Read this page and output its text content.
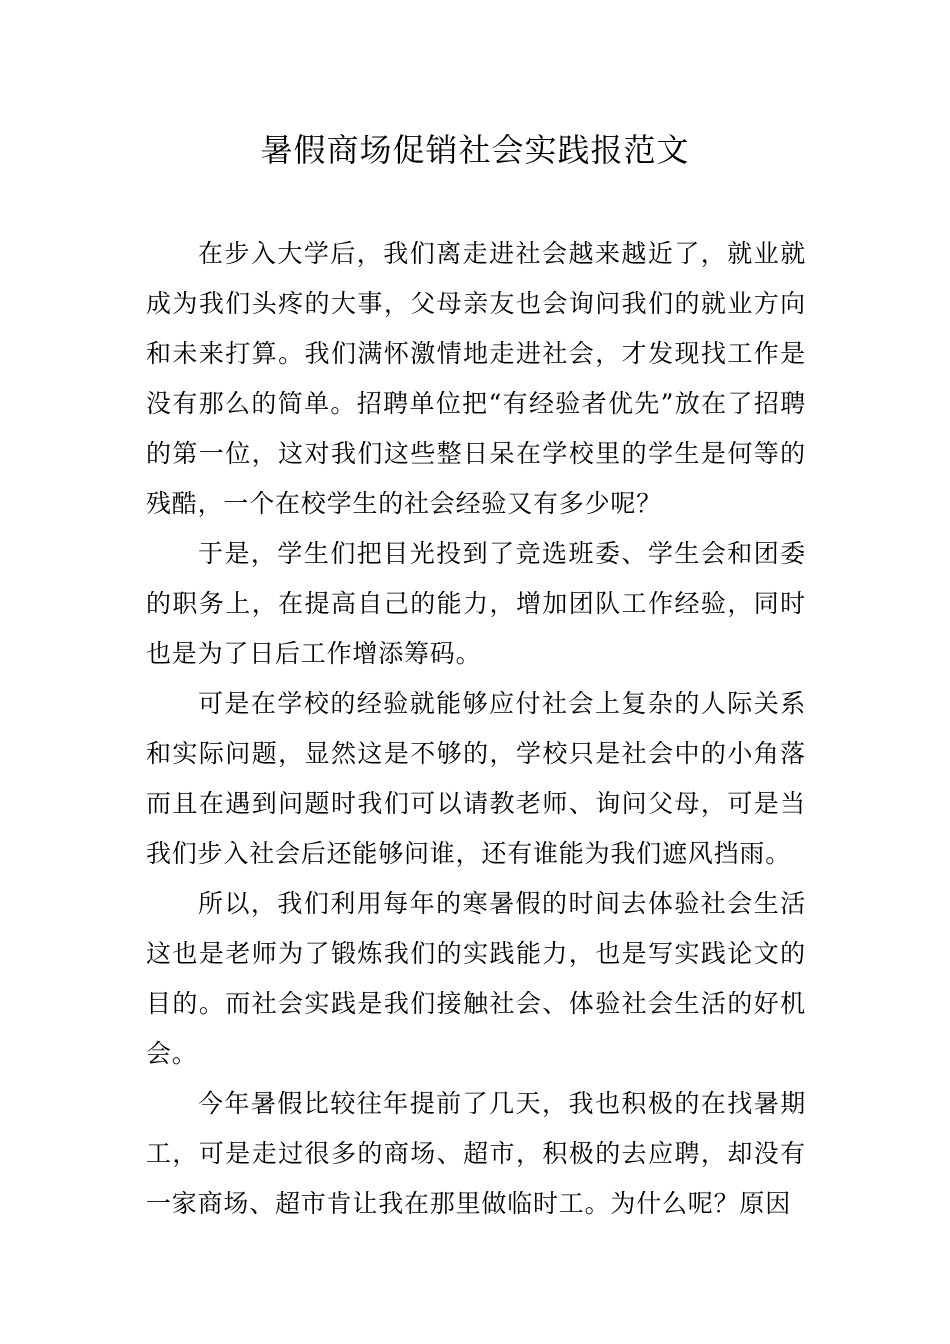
暑假商场促销社会实践报范文

在步入大学后，我们离走进社会越来越近了，就业就成为我们头疼的大事，父母亲友也会询问我们的就业方向和未来打算。我们满怀激情地走进社会，才发现找工作是没有那么的简单。招聘单位把“有经验者优先”放在了招聘的第一位，这对我们这些整日呆在学校里的学生是何等的残酷，一个在校学生的社会经验又有多少呢？

于是，学生们把目光投到了竞选班委、学生会和团委的职务上，在提高自己的能力，增加团队工作经验，同时也是为了日后工作增添筹码。

可是在学校的经验就能够应付社会上复杂的人际关系和实际问题，显然这是不够的，学校只是社会中的小角落而且在遇到问题时我们可以请教老师、询问父母，可是当我们步入社会后还能够问谁，还有谁能为我们遮风挡雨。

所以，我们利用每年的寒暑假的时间去体验社会生活这也是老师为了锻炼我们的实践能力，也是写实践论文的目的。而社会实践是我们接触社会、体验社会生活的好机会。

今年暑假比较往年提前了几天，我也积极的在找暑期工，可是走过很多的商场、超市，积极的去应聘，却没有一家商场、超市肯让我在那里做临时工。为什么呢？原因
